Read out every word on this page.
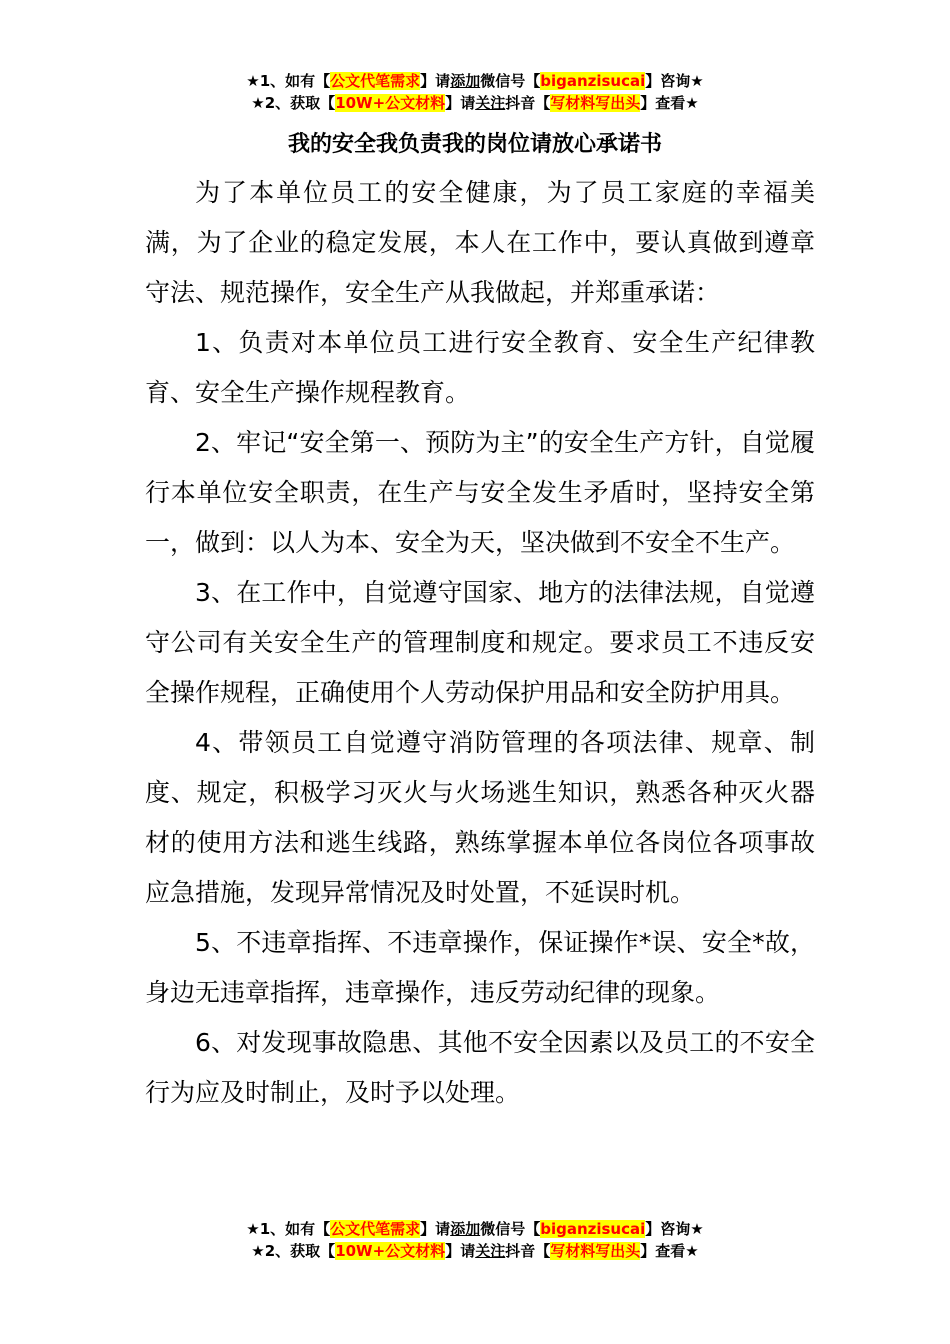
★1、如有【公文代笔需求】请添加微信号【biganzisucai】咨询★
★2、获取【10W+公文材料】请关注抖音【写材料写出头】查看★
我的安全我负责我的岗位请放心承诺书

为了本单位员工的安全健康，为了员工家庭的幸福美满，为了企业的稳定发展，本人在工作中，要认真做到遵章守法、规范操作，安全生产从我做起，并郑重承诺：

1、负责对本单位员工进行安全教育、安全生产纪律教育、安全生产操作规程教育。

2、牢记“安全第一、预防为主”的安全生产方针，自觉履行本单位安全职责，在生产与安全发生矛盾时，坚持安全第一，做到：以人为本、安全为天，坚决做到不安全不生产。

3、在工作中，自觉遵守国家、地方的法律法规，自觉遵守公司有关安全生产的管理制度和规定。要求员工不违反安全操作规程，正确使用个人劳动保护用品和安全防护用具。

4、带领员工自觉遵守消防管理的各项法律、规章、制度、规定，积极学习灭火与火场逃生知识，熟悉各种灭火器材的使用方法和逃生线路，熟练掌握本单位各岗位各项事故应急措施，发现异常情况及时处置，不延误时机。

5、不违章指挥、不违章操作，保证操作*误、安全*故，身边无违章指挥，违章操作，违反劳动纪律的现象。

6、对发现事故隐患、其他不安全因素以及员工的不安全行为应及时制止，及时予以处理。

★1、如有【公文代笔需求】请添加微信号【biganzisucai】咨询★
★2、获取【10W+公文材料】请关注抖音【写材料写出头】查看★
